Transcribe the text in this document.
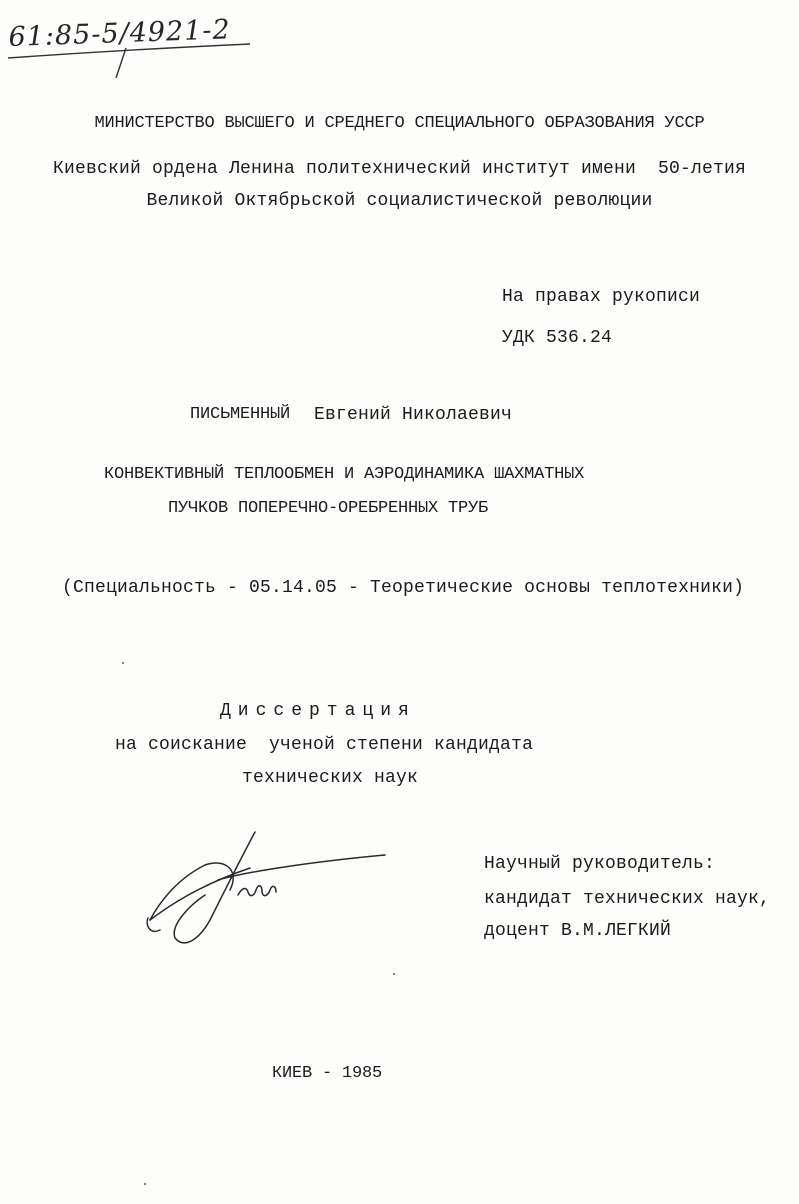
61:85-5/4921-2
МИНИСТЕРСТВО ВЫСШЕГО И СРЕДНЕГО СПЕЦИАЛЬНОГО ОБРАЗОВАНИЯ УССР
Киевский ордена Ленина политехнический институт имени  50-летия
Великой Октябрьской социалистической революции
На правах рукописи
УДК 536.24
ПИСЬМЕННЫЙ Евгений Николаевич
КОНВЕКТИВНЫЙ ТЕПЛООБМЕН И АЭРОДИНАМИКА ШАХМАТНЫХ
ПУЧКОВ ПОПЕРЕЧНО-ОРЕБРЕННЫХ ТРУБ
(Специальность - 05.14.05 - Теоретические основы теплотехники)
Диссертация
на соискание  ученой степени кандидата
технических наук
Научный руководитель:
кандидат технических наук,
доцент В.М.ЛЕГКИЙ
КИЕВ - 1985
